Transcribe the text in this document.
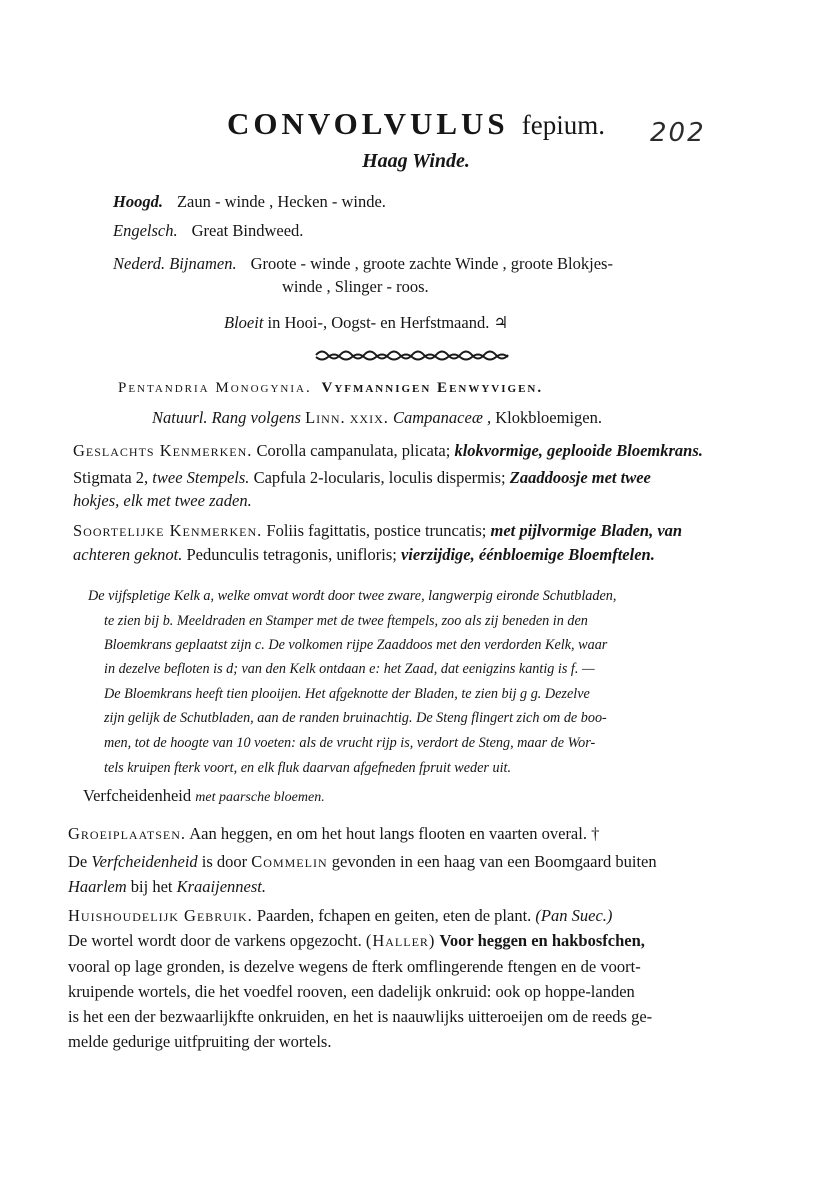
CONVOLVULUS fepium.	202
Haag Winde.
Hoogd. Zaun - winde , Hecken - winde.
Engelsch. Great Bindweed.
Nederd. Bijnamen. Groote - winde , groote zachte Winde , groote Blokjes-
winde , Slinger - roos.
Bloeit in Hooi-, Oogst- en Herfstmaand. ♃
Pentandria Monogynia. Vyfmannigen Eenwyvigen.
Natuurl. Rang volgens Linn. xxix. Campanaceæ , Klokbloemigen.
Geslachts Kenmerken. Corolla campanulata, plicata; klokvormige, geplooide Bloemkrans.
Stigmata 2, twee Stempels. Capfula 2-locularis, loculis dispermis; Zaaddoosje met twee
hokjes, elk met twee zaden.
Soortelijke Kenmerken. Foliis fagittatis, postice truncatis; met pijlvormige Bladen, van
achteren geknot. Pedunculis tetragonis, unifloris; vierzijdige, éénbloemige Bloemftelen.
De vijfspletige Kelk a, welke omvat wordt door twee zware, langwerpig eironde Schutbladen,
te zien bij b. Meeldraden en Stamper met de twee ftempels, zoo als zij beneden in den
Bloemkrans geplaatst zijn c. De volkomen rijpe Zaaddoos met den verdorden Kelk, waar
in dezelve befloten is d; van den Kelk ontdaan e: het Zaad, dat eenigzins kantig is f. —
De Bloemkrans heeft tien plooijen. Het afgeknotte der Bladen, te zien bij g g. Dezelve
zijn gelijk de Schutbladen, aan de randen bruinachtig. De Steng flingert zich om de boo-
men, tot de hoogte van 10 voeten: als de vrucht rijp is, verdort de Steng, maar de Wor-
tels kruipen fterk voort, en elk fluk daarvan afgefneden fpruit weder uit.
Verfcheidenheid met paarsche bloemen.
Groeiplaatsen. Aan heggen, en om het hout langs flooten en vaarten overal. †
De Verfcheidenheid is door Commelin gevonden in een haag van een Boomgaard buiten
Haarlem bij het Kraaijennest.
Huishoudelijk Gebruik. Paarden, fchapen en geiten, eten de plant. (Pan Suec.)
De wortel wordt door de varkens opgezocht. (Haller) Voor heggen en hakbosfchen,
vooral op lage gronden, is dezelve wegens de fterk omflingerende ftengen en de voort-
kruipende wortels, die het voedfel rooven, een dadelijk onkruid: ook op hoppe-landen
is het een der bezwaarlijkfte onkruiden, en het is naauwlijks uitteroeijen om de reeds ge-
melde gedurige uitfpruiting der wortels.
